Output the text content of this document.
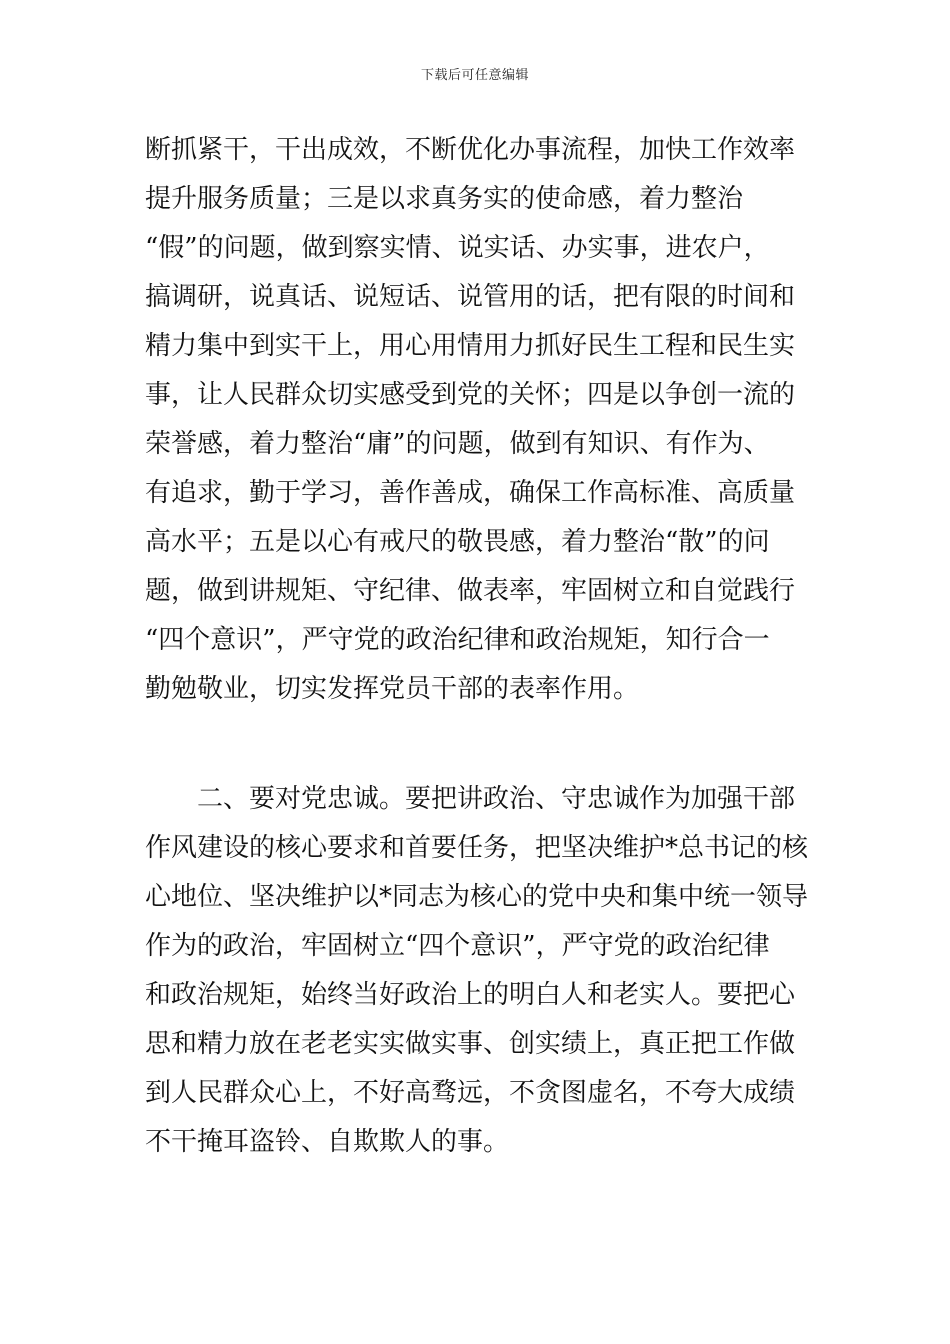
下载后可任意编辑
断抓紧干，干出成效，不断优化办事流程，加快工作效率
提升服务质量；三是以求真务实的使命感，着力整治
“假”的问题，做到察实情、说实话、办实事，进农户，
搞调研，说真话、说短话、说管用的话，把有限的时间和
精力集中到实干上，用心用情用力抓好民生工程和民生实
事，让人民群众切实感受到党的关怀；四是以争创一流的
荣誉感，着力整治“庸”的问题，做到有知识、有作为、
有追求，勤于学习，善作善成，确保工作高标准、高质量
高水平；五是以心有戒尺的敬畏感，着力整治“散”的问
题，做到讲规矩、守纪律、做表率，牢固树立和自觉践行
“四个意识”，严守党的政治纪律和政治规矩，知行合一
勤勉敬业，切实发挥党员干部的表率作用。
二、要对党忠诚。要把讲政治、守忠诚作为加强干部
作风建设的核心要求和首要任务，把坚决维护*总书记的核
心地位、坚决维护以*同志为核心的党中央和集中统一领导
作为的政治，牢固树立“四个意识”，严守党的政治纪律
和政治规矩，始终当好政治上的明白人和老实人。要把心
思和精力放在老老实实做实事、创实绩上，真正把工作做
到人民群众心上，不好高骛远，不贪图虚名，不夸大成绩
不干掩耳盗铃、自欺欺人的事。
